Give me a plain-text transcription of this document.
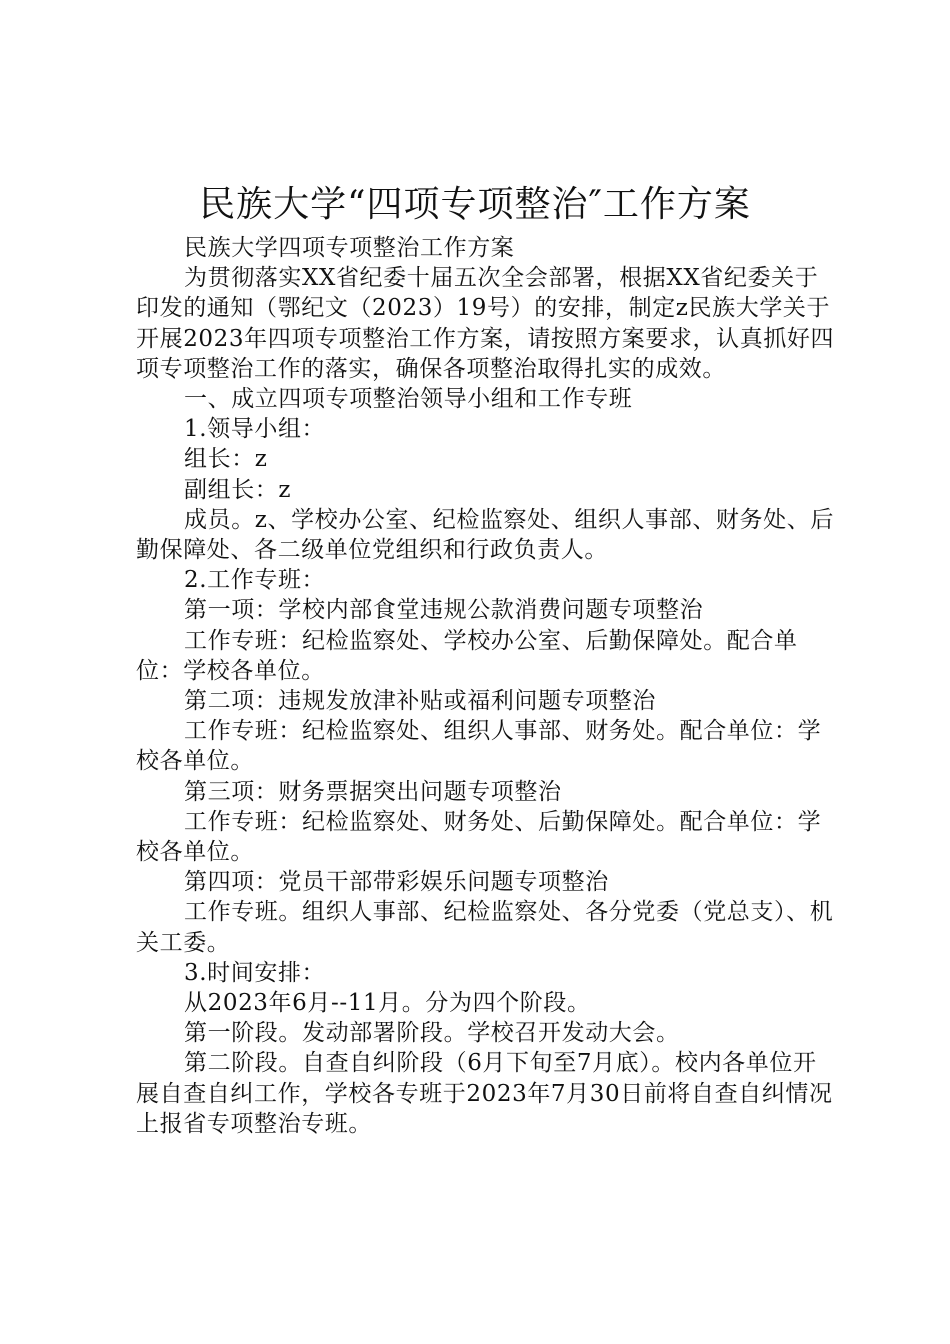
民族大学“四项专项整治″工作方案

民族大学四项专项整治工作方案

为贯彻落实XX省纪委十届五次全会部署，根据XX省纪委关于印发的通知（鄂纪文（2023）19号）的安排，制定z民族大学关于开展2023年四项专项整治工作方案，请按照方案要求，认真抓好四项专项整治工作的落实，确保各项整治取得扎实的成效。

一、成立四项专项整治领导小组和工作专班

1.领导小组：

组长：z

副组长：z

成员。z、学校办公室、纪检监察处、组织人事部、财务处、后勤保障处、各二级单位党组织和行政负责人。

2.工作专班：

第一项：学校内部食堂违规公款消费问题专项整治

工作专班：纪检监察处、学校办公室、后勤保障处。配合单位：学校各单位。

第二项：违规发放津补贴或福利问题专项整治

工作专班：纪检监察处、组织人事部、财务处。配合单位：学校各单位。

第三项：财务票据突出问题专项整治

工作专班：纪检监察处、财务处、后勤保障处。配合单位：学校各单位。

第四项：党员干部带彩娱乐问题专项整治

工作专班。组织人事部、纪检监察处、各分党委（党总支）、机关工委。

3.时间安排：

从2023年6月--11月。分为四个阶段。

第一阶段。发动部署阶段。学校召开发动大会。

第二阶段。自查自纠阶段（6月下旬至7月底）。校内各单位开展自查自纠工作，学校各专班于2023年7月30日前将自查自纠情况上报省专项整治专班。
